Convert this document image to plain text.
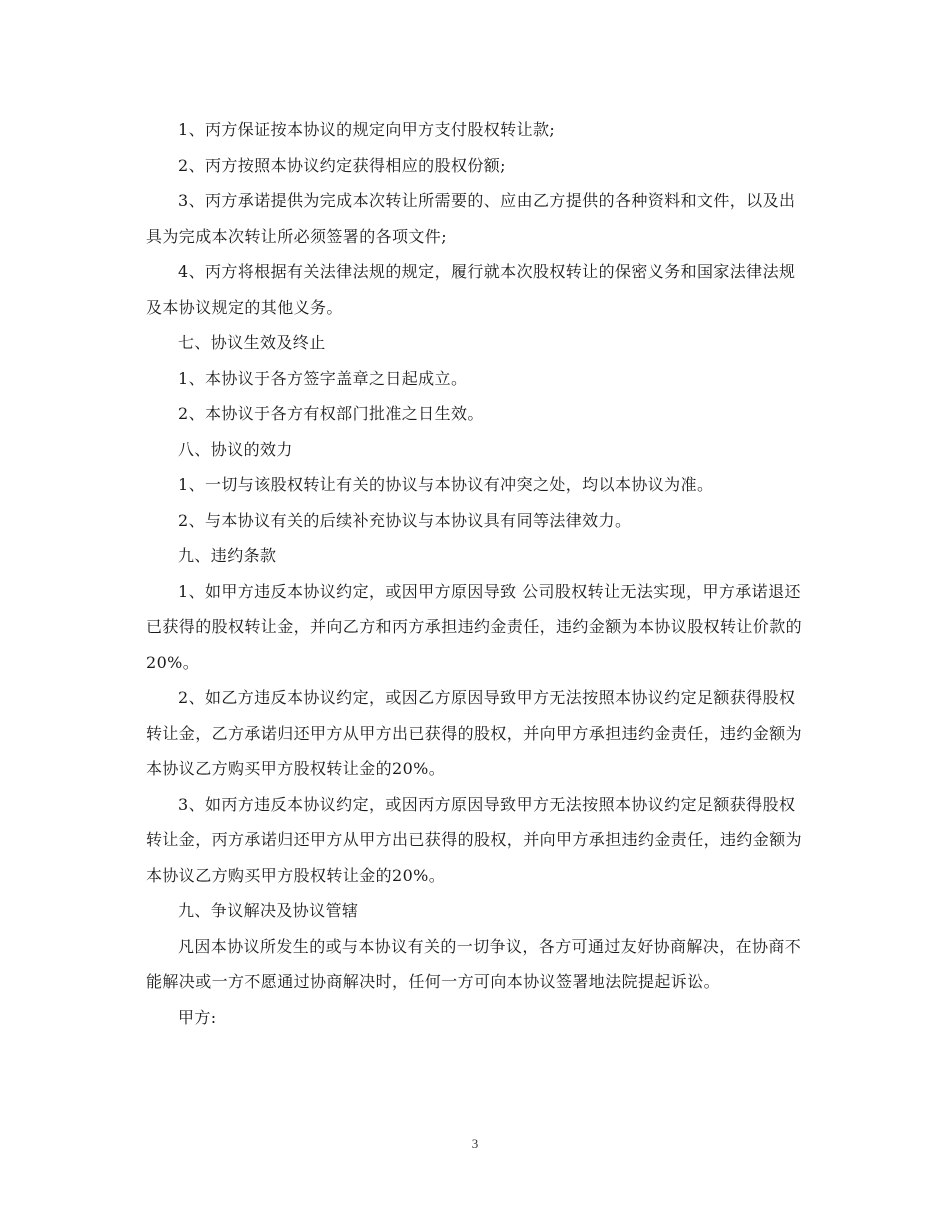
1、丙方保证按本协议的规定向甲方支付股权转让款;

2、丙方按照本协议约定获得相应的股权份额;

3、丙方承诺提供为完成本次转让所需要的、应由乙方提供的各种资料和文件，以及出具为完成本次转让所必须签署的各项文件;

4、丙方将根据有关法律法规的规定，履行就本次股权转让的保密义务和国家法律法规及本协议规定的其他义务。

七、协议生效及终止

1、本协议于各方签字盖章之日起成立。

2、本协议于各方有权部门批准之日生效。

八、协议的效力

1、一切与该股权转让有关的协议与本协议有冲突之处，均以本协议为准。

2、与本协议有关的后续补充协议与本协议具有同等法律效力。

九、违约条款

1、如甲方违反本协议约定，或因甲方原因导致 公司股权转让无法实现，甲方承诺退还已获得的股权转让金，并向乙方和丙方承担违约金责任，违约金额为本协议股权转让价款的20%。

2、如乙方违反本协议约定，或因乙方原因导致甲方无法按照本协议约定足额获得股权转让金，乙方承诺归还甲方从甲方出已获得的股权，并向甲方承担违约金责任，违约金额为本协议乙方购买甲方股权转让金的20%。

3、如丙方违反本协议约定，或因丙方原因导致甲方无法按照本协议约定足额获得股权转让金，丙方承诺归还甲方从甲方出已获得的股权，并向甲方承担违约金责任，违约金额为本协议乙方购买甲方股权转让金的20%。

九、争议解决及协议管辖

凡因本协议所发生的或与本协议有关的一切争议，各方可通过友好协商解决，在协商不能解决或一方不愿通过协商解决时，任何一方可向本协议签署地法院提起诉讼。

甲方:

3
